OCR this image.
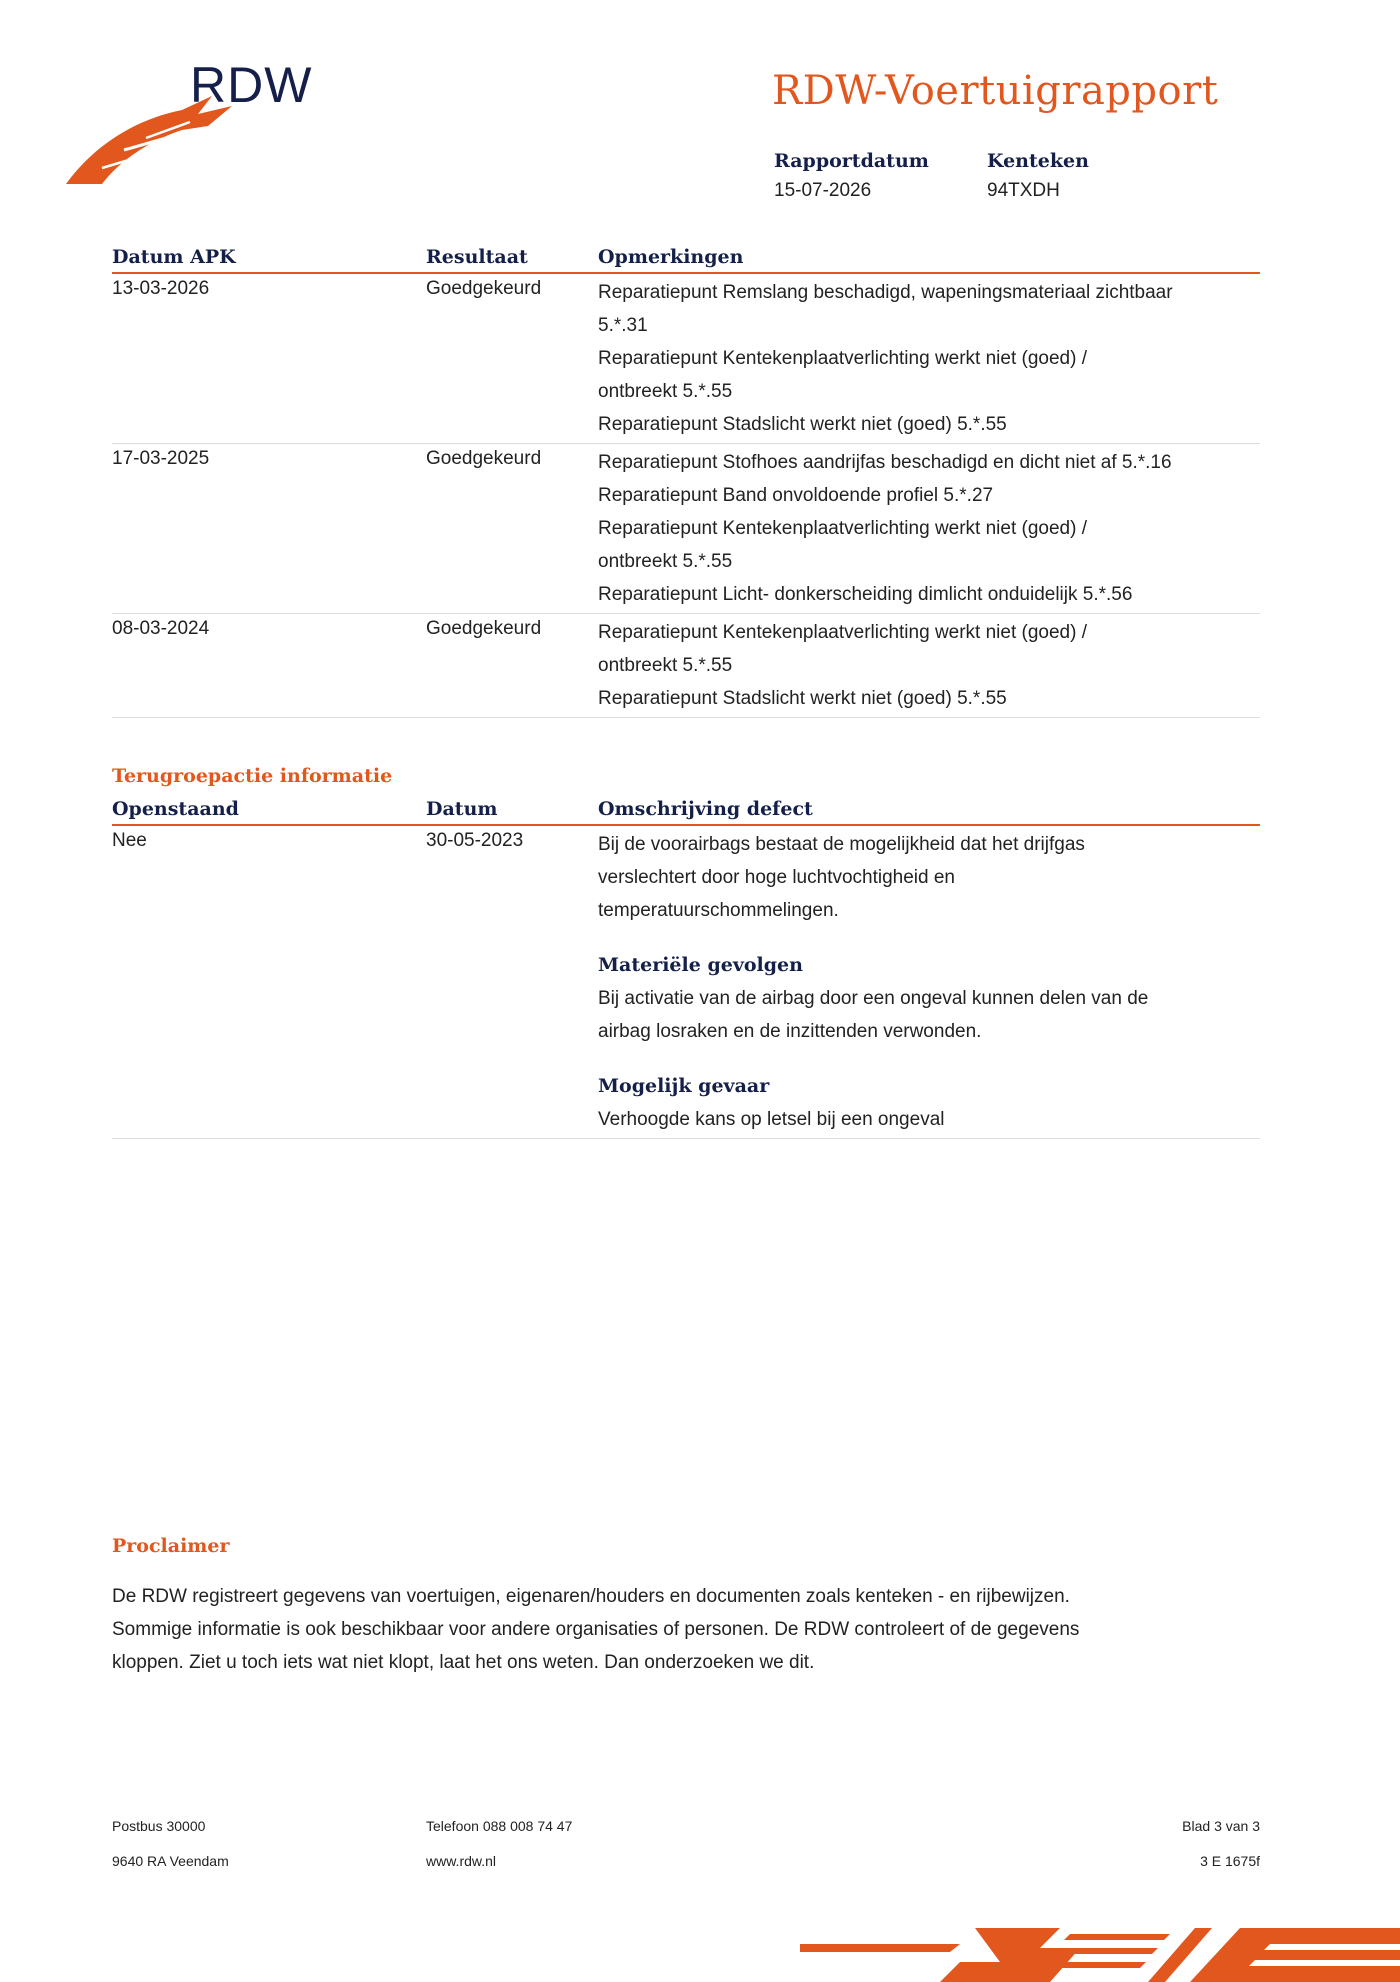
RDW	RDW-Voertuigrapport
Rapportdatum
15-07-2026
Kenteken
94TXDH
Datum APK	Resultaat	Opmerkingen
13-03-2026	Goedgekeurd	Reparatiepunt Remslang beschadigd, wapeningsmateriaal zichtbaar
5.*.31
Reparatiepunt Kentekenplaatverlichting werkt niet (goed) /
ontbreekt 5.*.55
Reparatiepunt Stadslicht werkt niet (goed) 5.*.55
17-03-2025	Goedgekeurd	Reparatiepunt Stofhoes aandrijfas beschadigd en dicht niet af 5.*.16
Reparatiepunt Band onvoldoende profiel 5.*.27
Reparatiepunt Kentekenplaatverlichting werkt niet (goed) /
ontbreekt 5.*.55
Reparatiepunt Licht- donkerscheiding dimlicht onduidelijk 5.*.56
08-03-2024	Goedgekeurd	Reparatiepunt Kentekenplaatverlichting werkt niet (goed) /
ontbreekt 5.*.55
Reparatiepunt Stadslicht werkt niet (goed) 5.*.55
Terugroepactie informatie
Openstaand	Datum	Omschrijving defect
Nee	30-05-2023	Bij de voorairbags bestaat de mogelijkheid dat het drijfgas
verslechtert door hoge luchtvochtigheid en
temperatuurschommelingen.
Materiële gevolgen
Bij activatie van de airbag door een ongeval kunnen delen van de
airbag losraken en de inzittenden verwonden.
Mogelijk gevaar
Verhoogde kans op letsel bij een ongeval
Proclaimer
De RDW registreert gegevens van voertuigen, eigenaren/houders en documenten zoals kenteken - en rijbewijzen.
Sommige informatie is ook beschikbaar voor andere organisaties of personen. De RDW controleert of de gegevens
kloppen. Ziet u toch iets wat niet klopt, laat het ons weten. Dan onderzoeken we dit.
Postbus 30000
9640 RA Veendam
Telefoon 088 008 74 47
www.rdw.nl
Blad 3 van 3
3 E 1675f
